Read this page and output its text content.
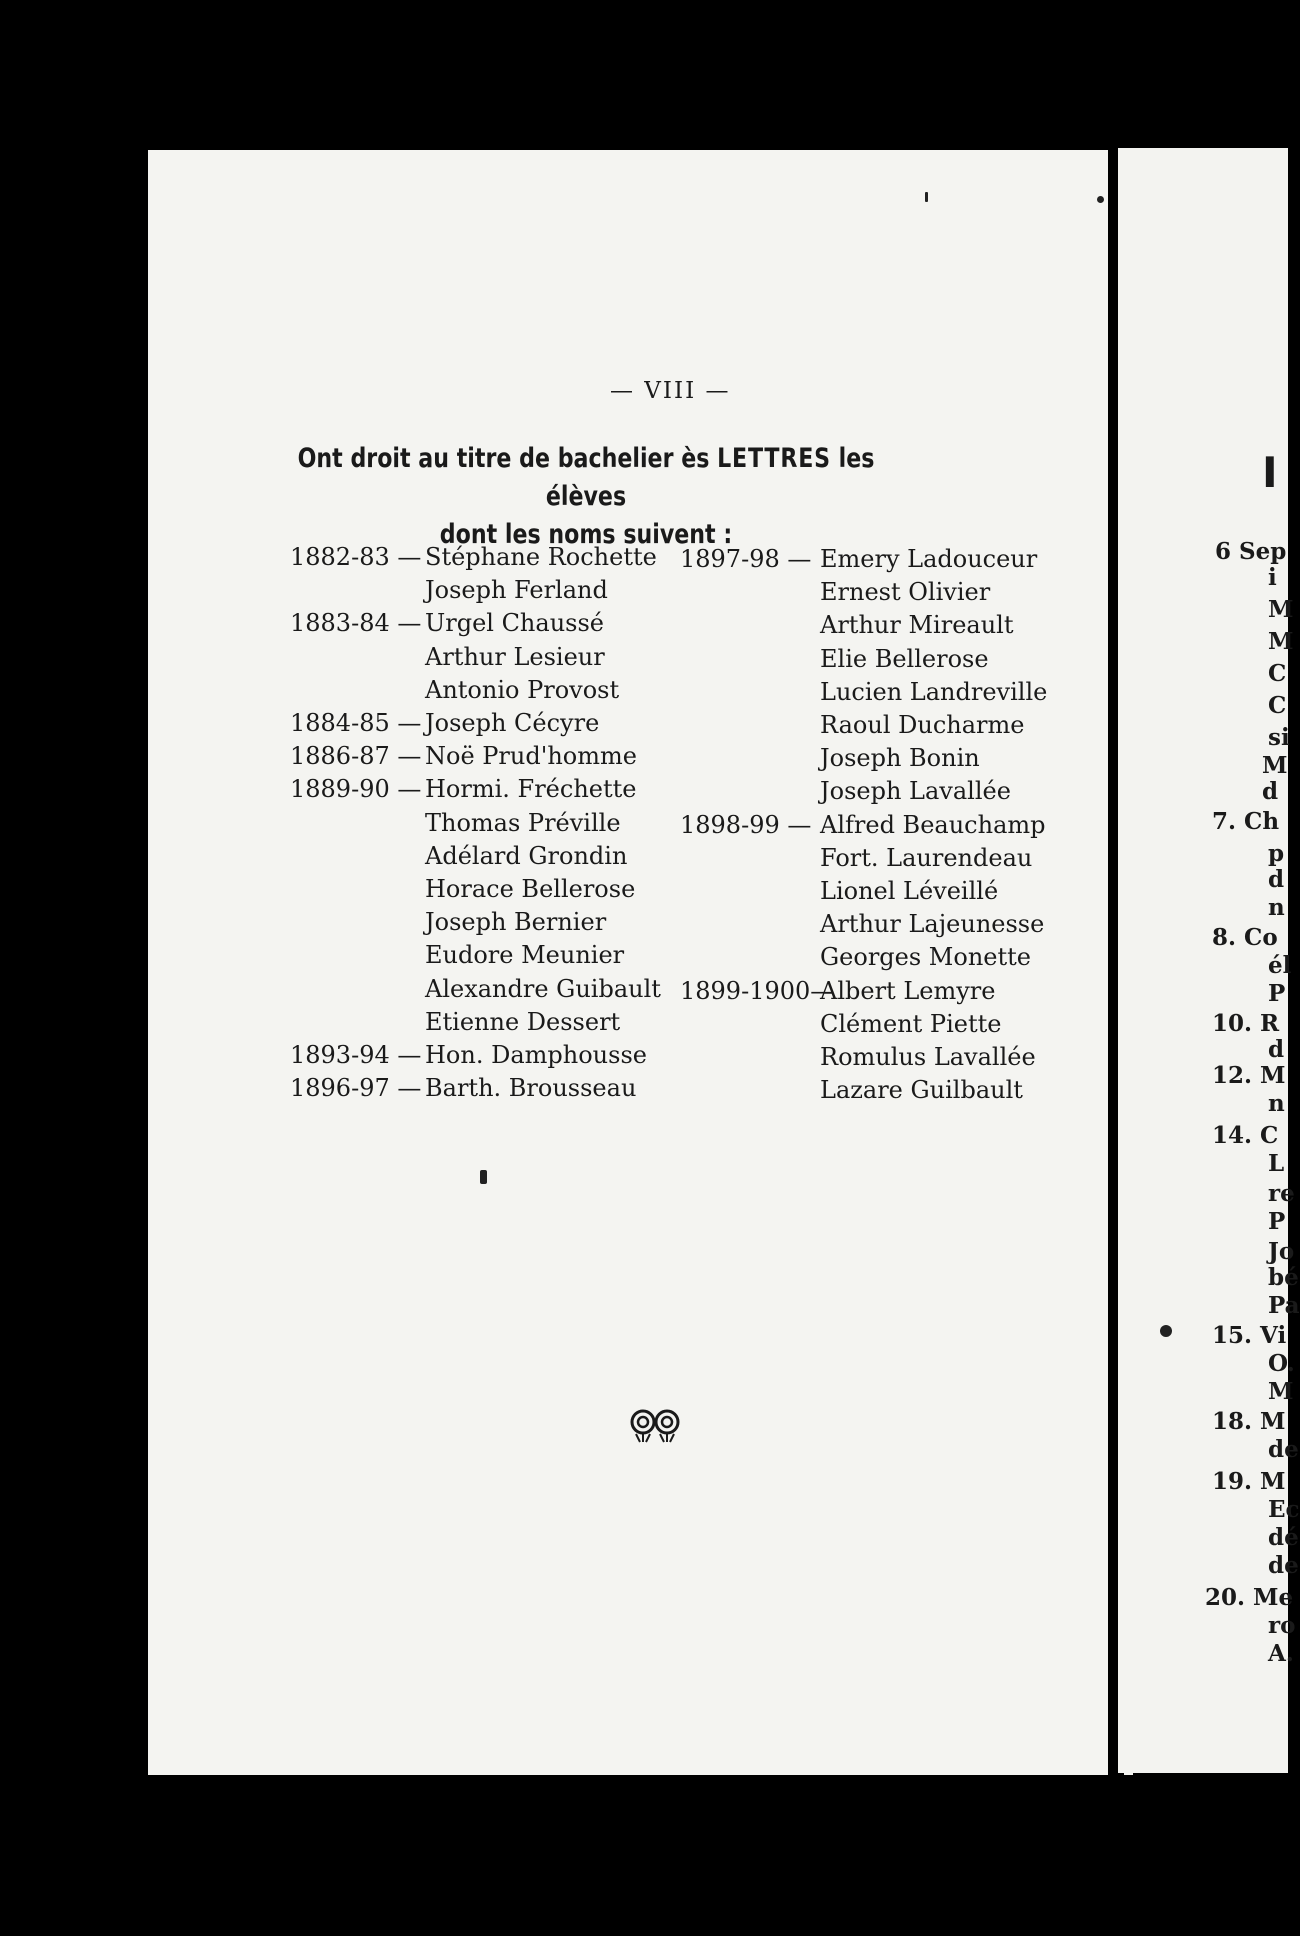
— VIII —
Ont droit au titre de bachelier ès LETTRES les élèves
dont les noms suivent :
1882-83 — Stéphane Rochette
Joseph Ferland
1883-84 — Urgel Chaussé
Arthur Lesieur
Antonio Provost
1884-85 — Joseph Cécyre
1886-87 — Noë Prud'homme
1889-90 — Hormi. Fréchette
Thomas Préville
Adélard Grondin
Horace Bellerose
Joseph Bernier
Eudore Meunier
Alexandre Guibault
Etienne Dessert
1893-94 — Hon. Damphousse
1896-97 — Barth. Brousseau
1897-98 — Emery Ladouceur
Ernest Olivier
Arthur Mireault
Elie Bellerose
Lucien Landreville
Raoul Ducharme
Joseph Bonin
Joseph Lavallée
1898-99 — Alfred Beauchamp
Fort. Laurendeau
Lionel Léveillé
Arthur Lajeunesse
Georges Monette
1899-1900—
Albert Lemyre
Clément Piette
Romulus Lavallée
Lazare Guilbault
I
6 Sep
i
M
M
C
C
si
M
d
7. Ch
p
d
n
8. Co
él
P
10. R
d
12. M
n
14. C
L
re
P
Jo
bé
Pa
15. Vi
O.
M
18. M
de
19. M
Ec
dé
de
20. Me
ro
A.
